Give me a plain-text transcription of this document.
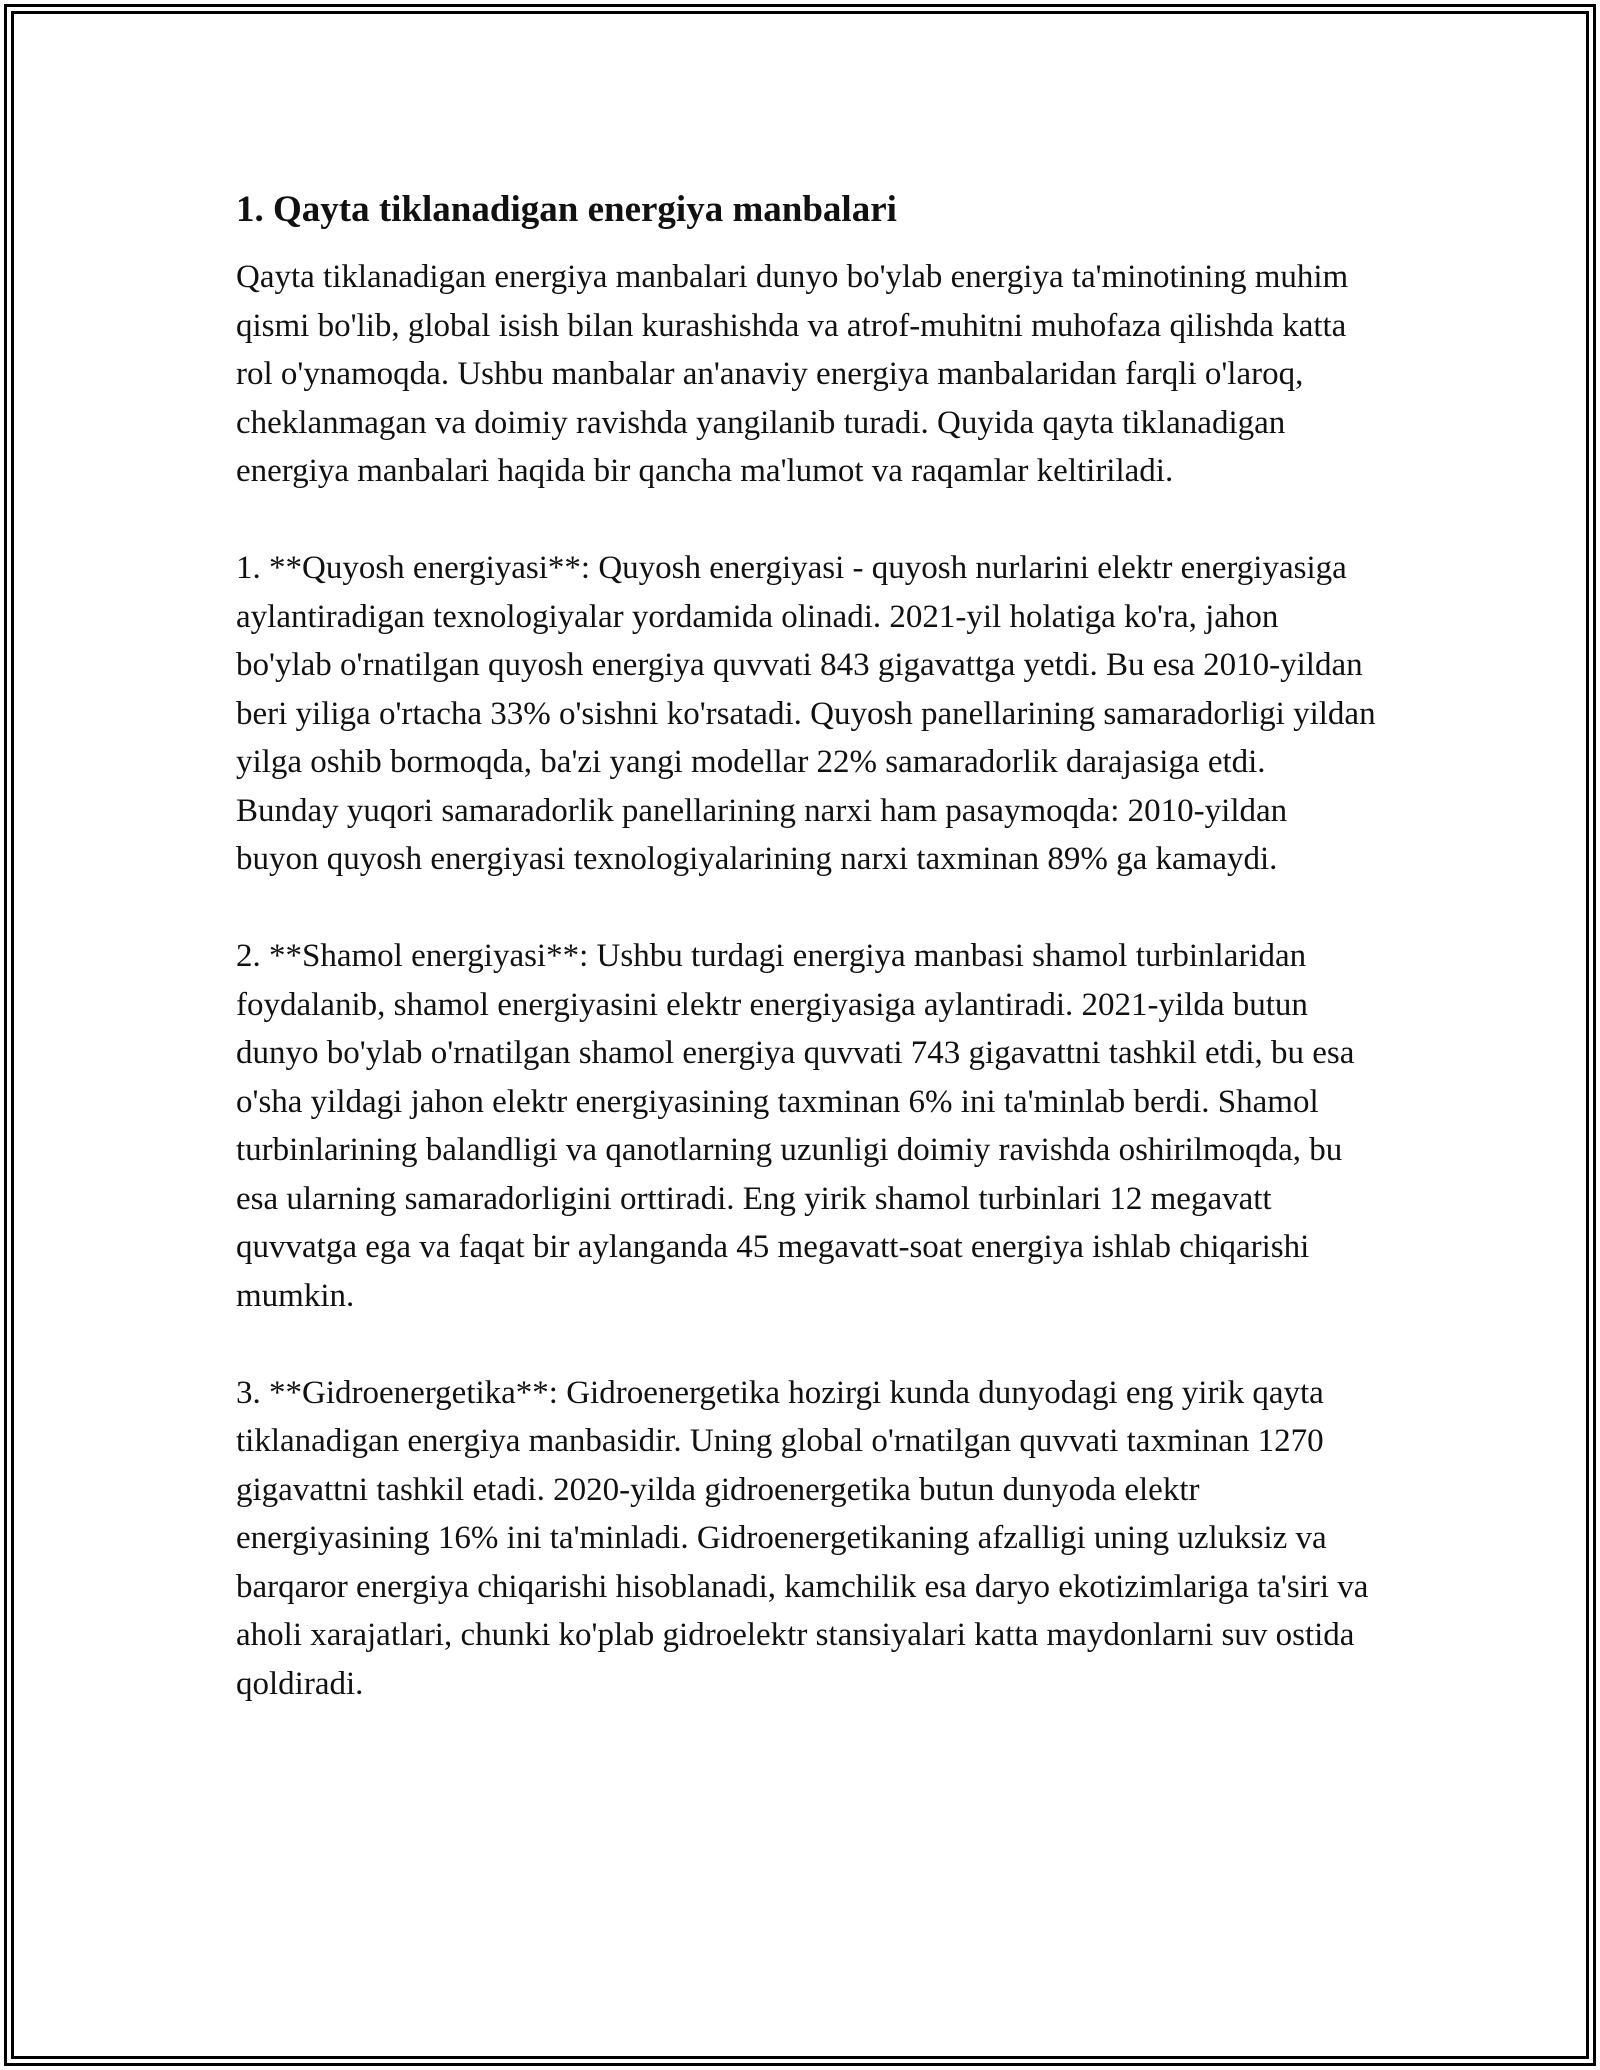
1. Qayta tiklanadigan energiya manbalari

Qayta tiklanadigan energiya manbalari dunyo bo'ylab energiya ta'minotining muhim qismi bo'lib, global isish bilan kurashishda va atrof-muhitni muhofaza qilishda katta rol o'ynamoqda. Ushbu manbalar an'anaviy energiya manbalaridan farqli o'laroq, cheklanmagan va doimiy ravishda yangilanib turadi. Quyida qayta tiklanadigan energiya manbalari haqida bir qancha ma'lumot va raqamlar keltiriladi.

1. **Quyosh energiyasi**: Quyosh energiyasi - quyosh nurlarini elektr energiyasiga aylantiradigan texnologiyalar yordamida olinadi. 2021-yil holatiga ko'ra, jahon bo'ylab o'rnatilgan quyosh energiya quvvati 843 gigavattga yetdi. Bu esa 2010-yildan beri yiliga o'rtacha 33% o'sishni ko'rsatadi. Quyosh panellarining samaradorligi yildan yilga oshib bormoqda, ba'zi yangi modellar 22% samaradorlik darajasiga etdi. Bunday yuqori samaradorlik panellarining narxi ham pasaymoqda: 2010-yildan buyon quyosh energiyasi texnologiyalarining narxi taxminan 89% ga kamaydi.

2. **Shamol energiyasi**: Ushbu turdagi energiya manbasi shamol turbinlaridan foydalanib, shamol energiyasini elektr energiyasiga aylantiradi. 2021-yilda butun dunyo bo'ylab o'rnatilgan shamol energiya quvvati 743 gigavattni tashkil etdi, bu esa o'sha yildagi jahon elektr energiyasining taxminan 6% ini ta'minlab berdi. Shamol turbinlarining balandligi va qanotlarning uzunligi doimiy ravishda oshirilmoqda, bu esa ularning samaradorligini orttiradi. Eng yirik shamol turbinlari 12 megavatt quvvatga ega va faqat bir aylanganda 45 megavatt-soat energiya ishlab chiqarishi mumkin.

3. **Gidroenergetika**: Gidroenergetika hozirgi kunda dunyodagi eng yirik qayta tiklanadigan energiya manbasidir. Uning global o'rnatilgan quvvati taxminan 1270 gigavattni tashkil etadi. 2020-yilda gidroenergetika butun dunyoda elektr energiyasining 16% ini ta'minladi. Gidroenergetikaning afzalligi uning uzluksiz va barqaror energiya chiqarishi hisoblanadi, kamchilik esa daryo ekotizimlariga ta'siri va aholi xarajatlari, chunki ko'plab gidroelektr stansiyalari katta maydonlarni suv ostida qoldiradi.
